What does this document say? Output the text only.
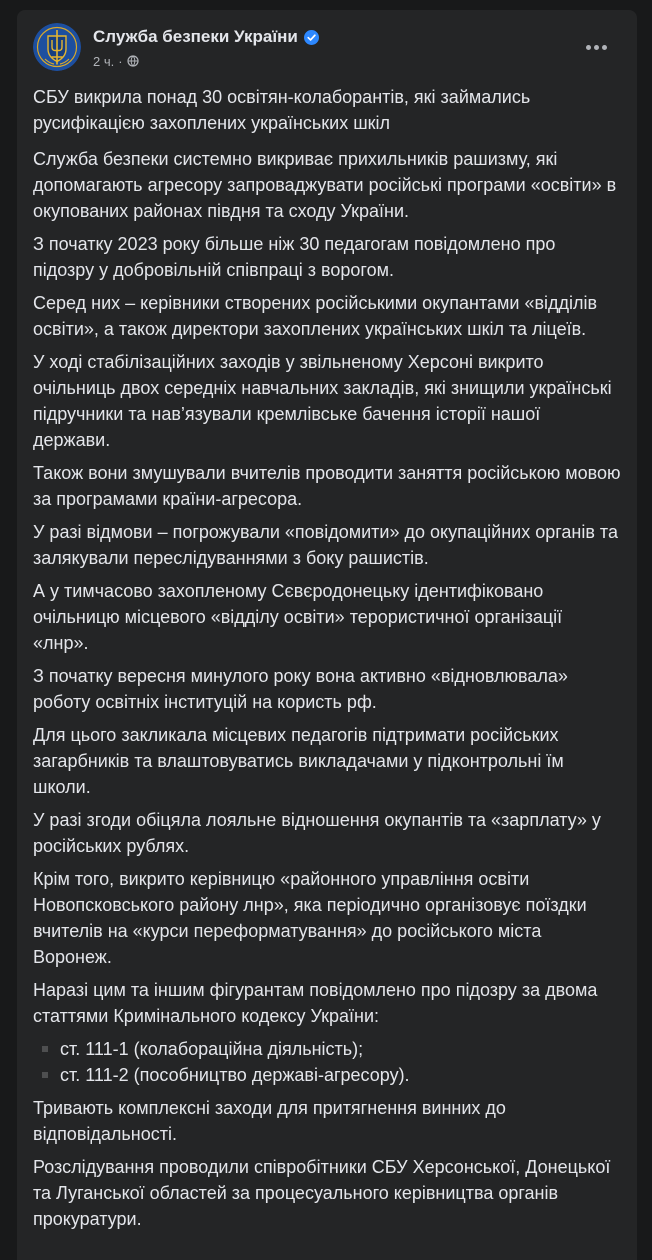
Служба безпеки України
2 ч. ·

СБУ викрила понад 30 освітян-колаборантів, які займались русифікацією захоплених українських шкіл

Служба безпеки системно викриває прихильників рашизму, які допомагають агресору запроваджувати російські програми «освіти» в окупованих районах півдня та сходу України.

З початку 2023 року більше ніж 30 педагогам повідомлено про підозру у добровільній співпраці з ворогом.

Серед них – керівники створених російськими окупантами «відділів освіти», а також директори захоплених українських шкіл та ліцеїв.

У ході стабілізаційних заходів у звільненому Херсоні викрито очільниць двох середніх навчальних закладів, які знищили українські підручники та нав’язували кремлівське бачення історії нашої держави.

Також вони змушували вчителів проводити заняття російською мовою за програмами країни-агресора.

У разі відмови – погрожували «повідомити» до окупаційних органів та залякували переслідуваннями з боку рашистів.

А у тимчасово захопленому Сєвєродонецьку ідентифіковано очільницю місцевого «відділу освіти» терористичної організації «лнр».

З початку вересня минулого року вона активно «відновлювала» роботу освітніх інституцій на користь рф.

Для цього закликала місцевих педагогів підтримати російських загарбників та влаштовуватись викладачами у підконтрольні їм школи.

У разі згоди обіцяла лояльне відношення окупантів та «зарплату» у російських рублях.

Крім того, викрито керівницю «районного управління освіти Новопсковського району лнр», яка періодично організовує поїздки вчителів на «курси переформатування» до російського міста Воронеж.

Наразі цим та іншим фігурантам повідомлено про підозру за двома статтями Кримінального кодексу України:

ст. 111-1 (колабораційна діяльність);
ст. 111-2 (пособництво державі-агресору).

Тривають комплексні заходи для притягнення винних до відповідальності.

Розслідування проводили співробітники СБУ Херсонської, Донецької та Луганської областей за процесуального керівництва органів прокуратури.
